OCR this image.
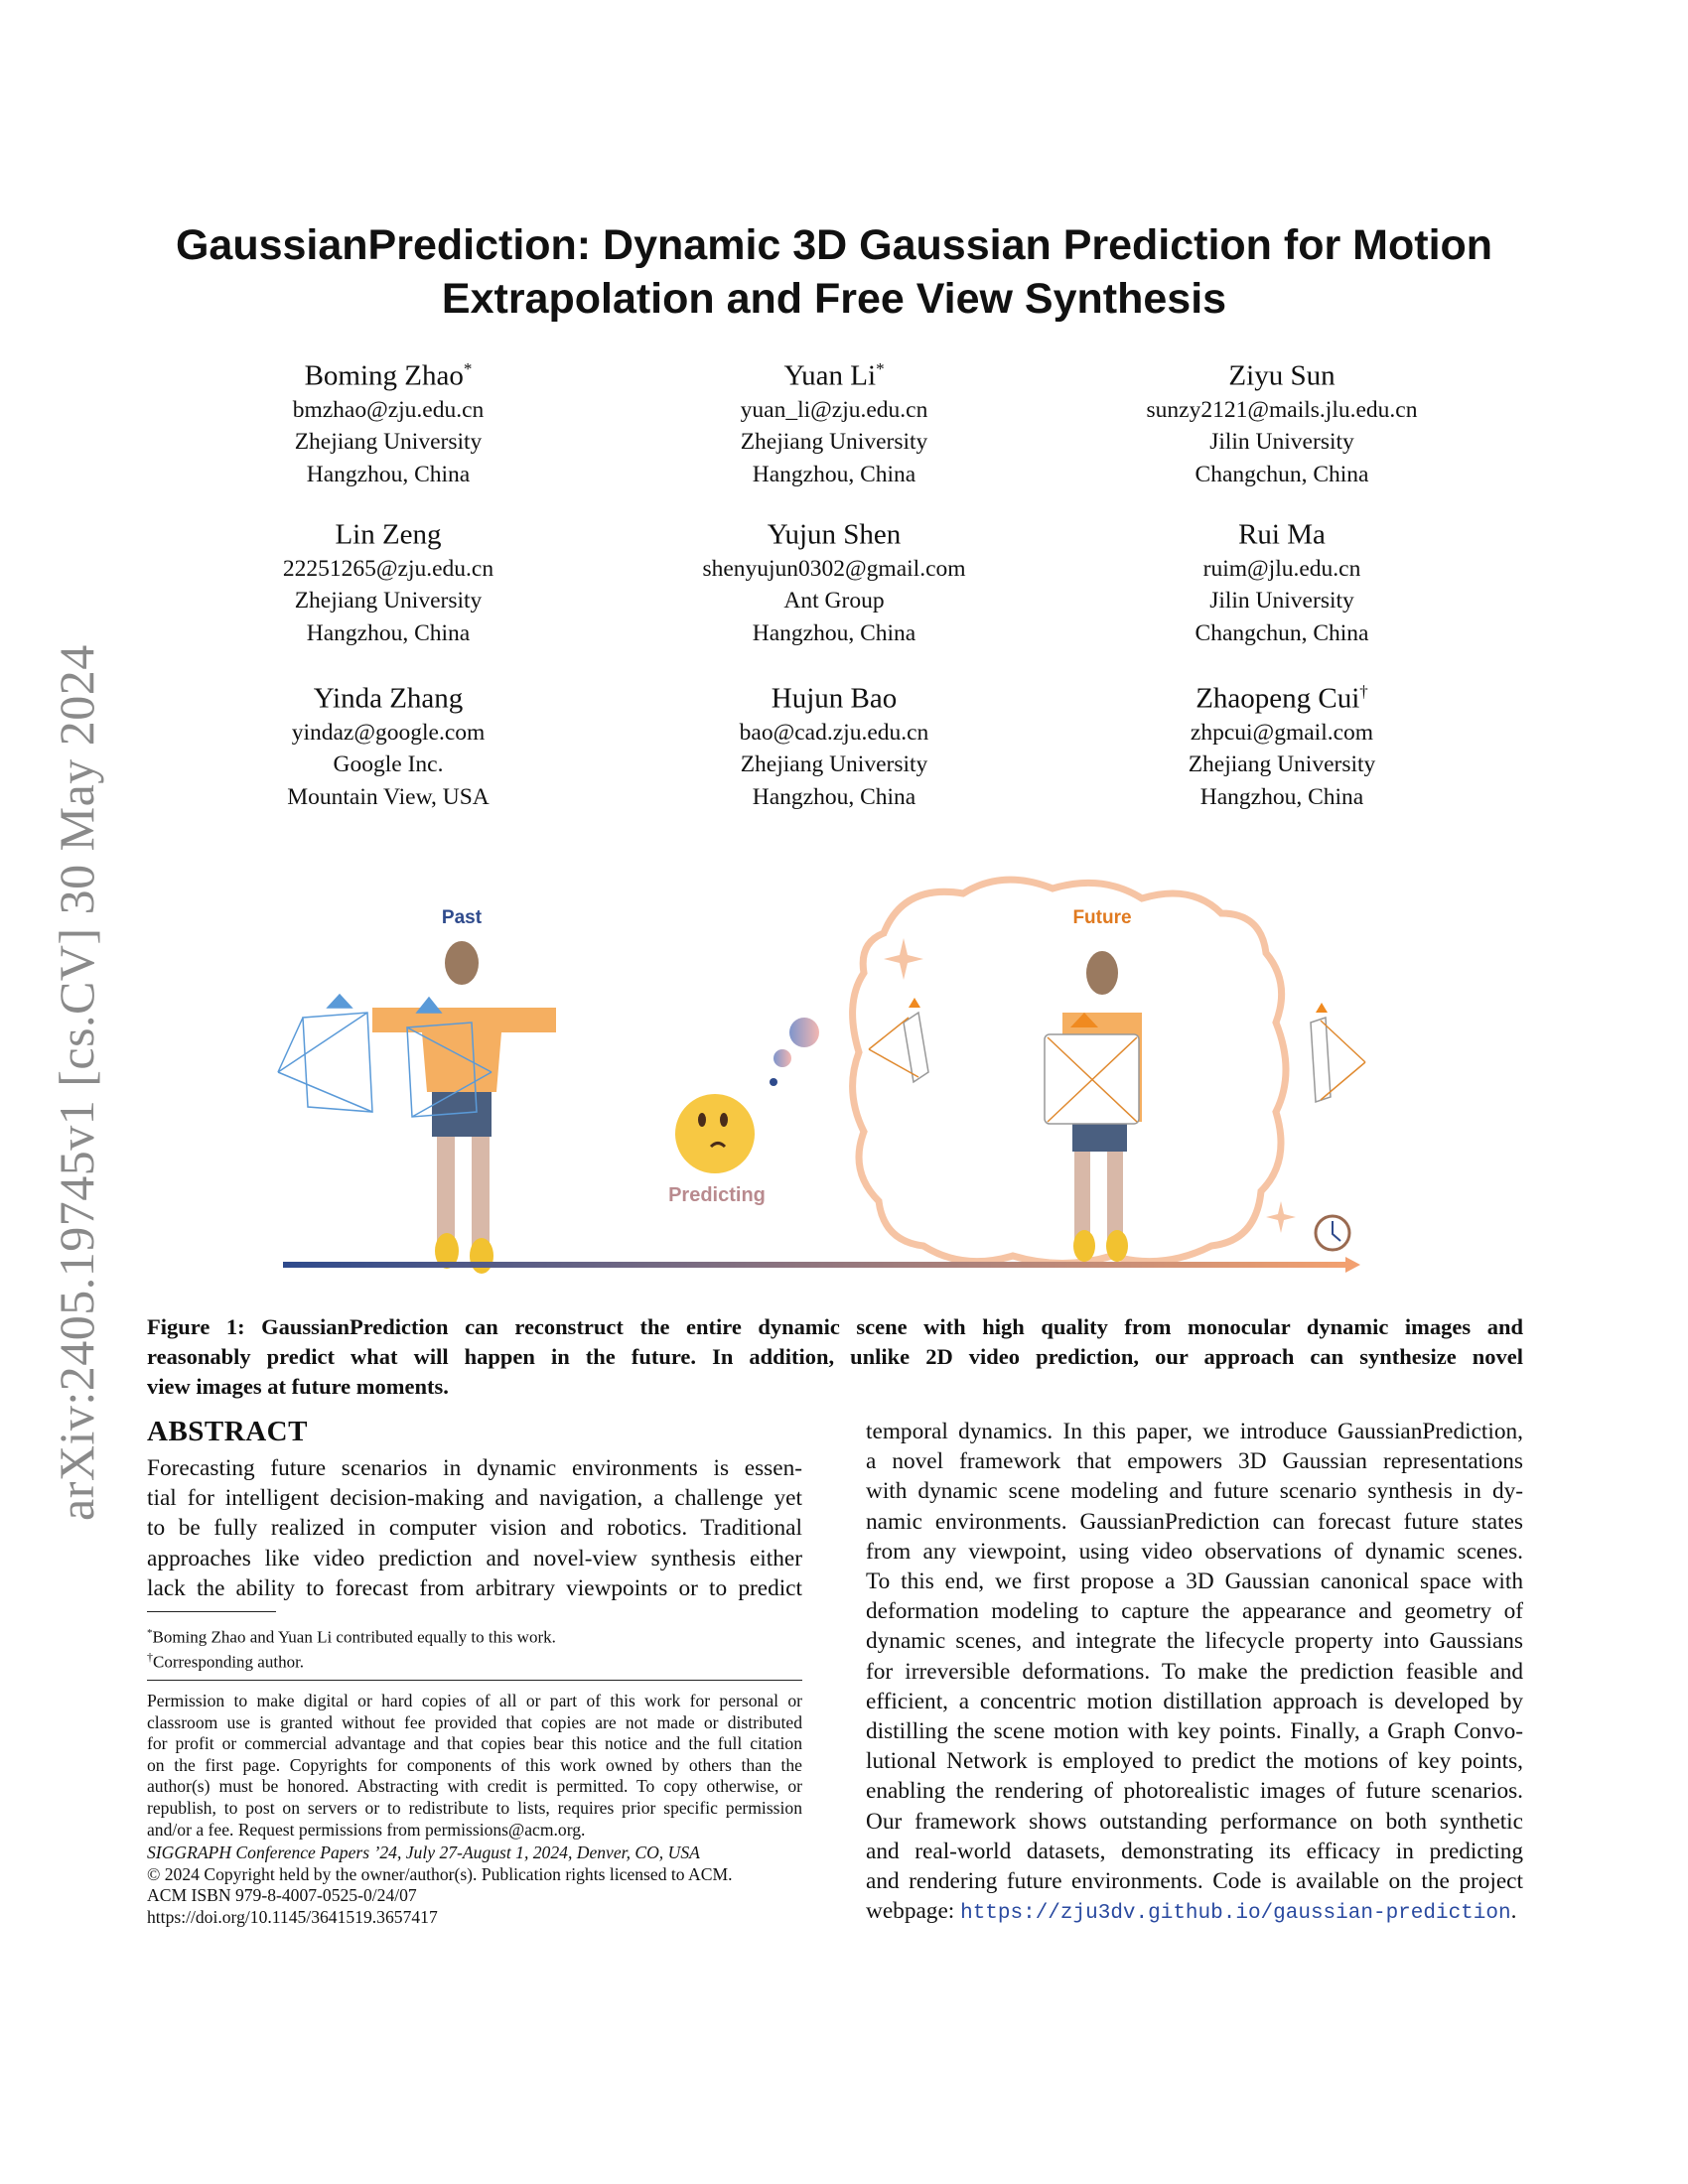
arXiv:2405.19745v1 [cs.CV] 30 May 2024
GaussianPrediction: Dynamic 3D Gaussian Prediction for Motion
Extrapolation and Free View Synthesis
Boming Zhao*
bmzhao@zju.edu.cn
Zhejiang University
Hangzhou, China
Yuan Li*
yuan_li@zju.edu.cn
Zhejiang University
Hangzhou, China
Ziyu Sun
sunzy2121@mails.jlu.edu.cn
Jilin University
Changchun, China
Lin Zeng
22251265@zju.edu.cn
Zhejiang University
Hangzhou, China
Yujun Shen
shenyujun0302@gmail.com
Ant Group
Hangzhou, China
Rui Ma
ruim@jlu.edu.cn
Jilin University
Changchun, China
Yinda Zhang
yindaz@google.com
Google Inc.
Mountain View, USA
Hujun Bao
bao@cad.zju.edu.cn
Zhejiang University
Hangzhou, China
Zhaopeng Cui†
zhpcui@gmail.com
Zhejiang University
Hangzhou, China
Past	Future
Predicting
Figure 1: GaussianPrediction can reconstruct the entire dynamic scene with high quality from monocular dynamic images and
reasonably predict what will happen in the future. In addition, unlike 2D video prediction, our approach can synthesize novel
view images at future moments.
ABSTRACT
Forecasting future scenarios in dynamic environments is essen-
tial for intelligent decision-making and navigation, a challenge yet
to be fully realized in computer vision and robotics. Traditional
approaches like video prediction and novel-view synthesis either
lack the ability to forecast from arbitrary viewpoints or to predict
*Boming Zhao and Yuan Li contributed equally to this work.
†Corresponding author.
Permission to make digital or hard copies of all or part of this work for personal or
classroom use is granted without fee provided that copies are not made or distributed
for profit or commercial advantage and that copies bear this notice and the full citation
on the first page. Copyrights for components of this work owned by others than the
author(s) must be honored. Abstracting with credit is permitted. To copy otherwise, or
republish, to post on servers or to redistribute to lists, requires prior specific permission
and/or a fee. Request permissions from permissions@acm.org.
SIGGRAPH Conference Papers ’24, July 27-August 1, 2024, Denver, CO, USA
© 2024 Copyright held by the owner/author(s). Publication rights licensed to ACM.
ACM ISBN 979-8-4007-0525-0/24/07
https://doi.org/10.1145/3641519.3657417
temporal dynamics. In this paper, we introduce GaussianPrediction,
a novel framework that empowers 3D Gaussian representations
with dynamic scene modeling and future scenario synthesis in dy-
namic environments. GaussianPrediction can forecast future states
from any viewpoint, using video observations of dynamic scenes.
To this end, we first propose a 3D Gaussian canonical space with
deformation modeling to capture the appearance and geometry of
dynamic scenes, and integrate the lifecycle property into Gaussians
for irreversible deformations. To make the prediction feasible and
efficient, a concentric motion distillation approach is developed by
distilling the scene motion with key points. Finally, a Graph Convo-
lutional Network is employed to predict the motions of key points,
enabling the rendering of photorealistic images of future scenarios.
Our framework shows outstanding performance on both synthetic
and real-world datasets, demonstrating its efficacy in predicting
and rendering future environments. Code is available on the project
webpage: https://zju3dv.github.io/gaussian-prediction.
